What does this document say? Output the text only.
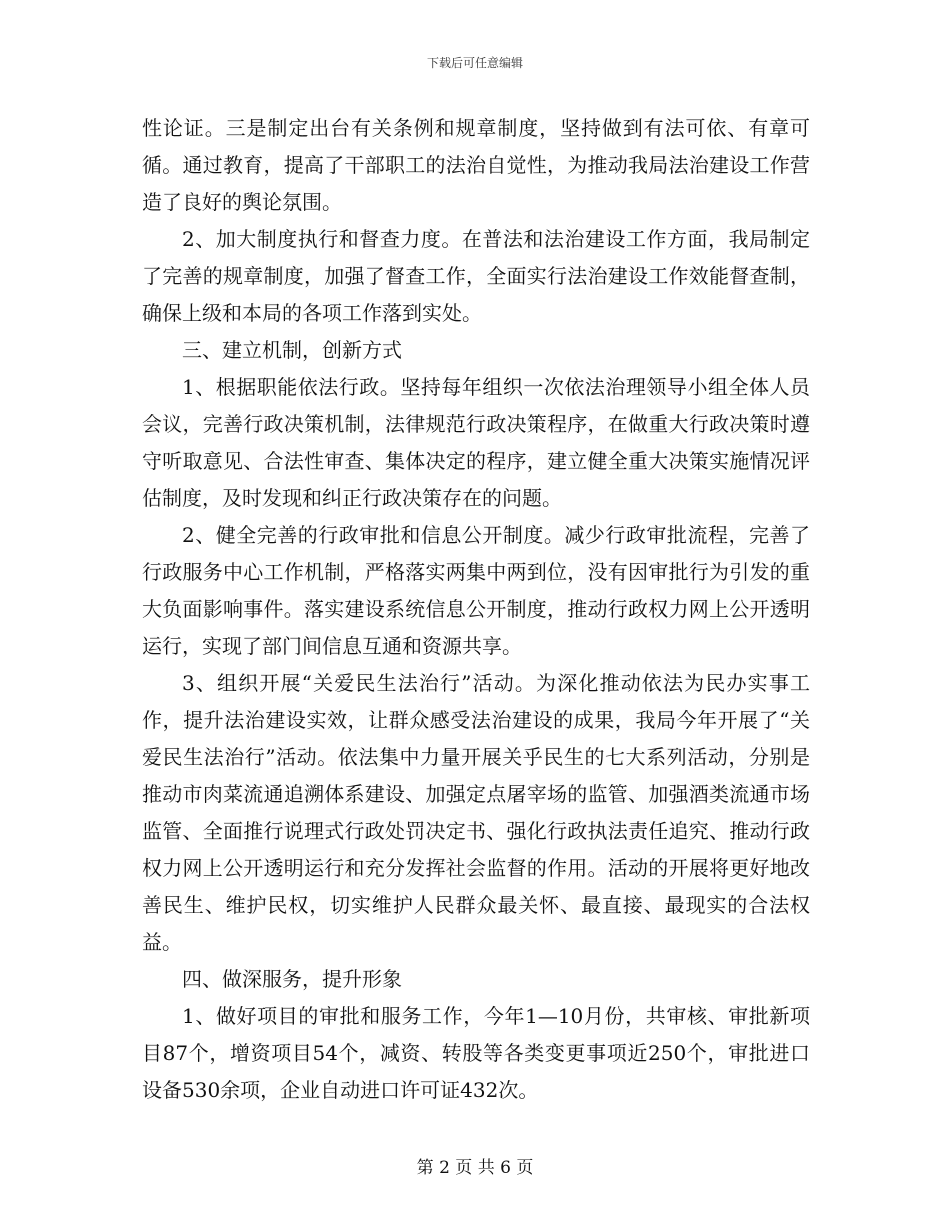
下载后可任意编辑

性论证。三是制定出台有关条例和规章制度，坚持做到有法可依、有章可循。通过教育，提高了干部职工的法治自觉性，为推动我局法治建设工作营造了良好的舆论氛围。

2、加大制度执行和督查力度。在普法和法治建设工作方面，我局制定了完善的规章制度，加强了督查工作，全面实行法治建设工作效能督查制，确保上级和本局的各项工作落到实处。

三、建立机制，创新方式

1、根据职能依法行政。坚持每年组织一次依法治理领导小组全体人员会议，完善行政决策机制，法律规范行政决策程序，在做重大行政决策时遵守听取意见、合法性审查、集体决定的程序，建立健全重大决策实施情况评估制度，及时发现和纠正行政决策存在的问题。

2、健全完善的行政审批和信息公开制度。减少行政审批流程，完善了行政服务中心工作机制，严格落实两集中两到位，没有因审批行为引发的重大负面影响事件。落实建设系统信息公开制度，推动行政权力网上公开透明运行，实现了部门间信息互通和资源共享。

3、组织开展“关爱民生法治行”活动。为深化推动依法为民办实事工作，提升法治建设实效，让群众感受法治建设的成果，我局今年开展了“关爱民生法治行”活动。依法集中力量开展关乎民生的七大系列活动，分别是推动市肉菜流通追溯体系建设、加强定点屠宰场的监管、加强酒类流通市场监管、全面推行说理式行政处罚决定书、强化行政执法责任追究、推动行政权力网上公开透明运行和充分发挥社会监督的作用。活动的开展将更好地改善民生、维护民权，切实维护人民群众最关怀、最直接、最现实的合法权益。

四、做深服务，提升形象

1、做好项目的审批和服务工作，今年1—10月份，共审核、审批新项目87个，增资项目54个，减资、转股等各类变更事项近250个，审批进口设备530余项，企业自动进口许可证432次。

第 2 页 共 6 页
